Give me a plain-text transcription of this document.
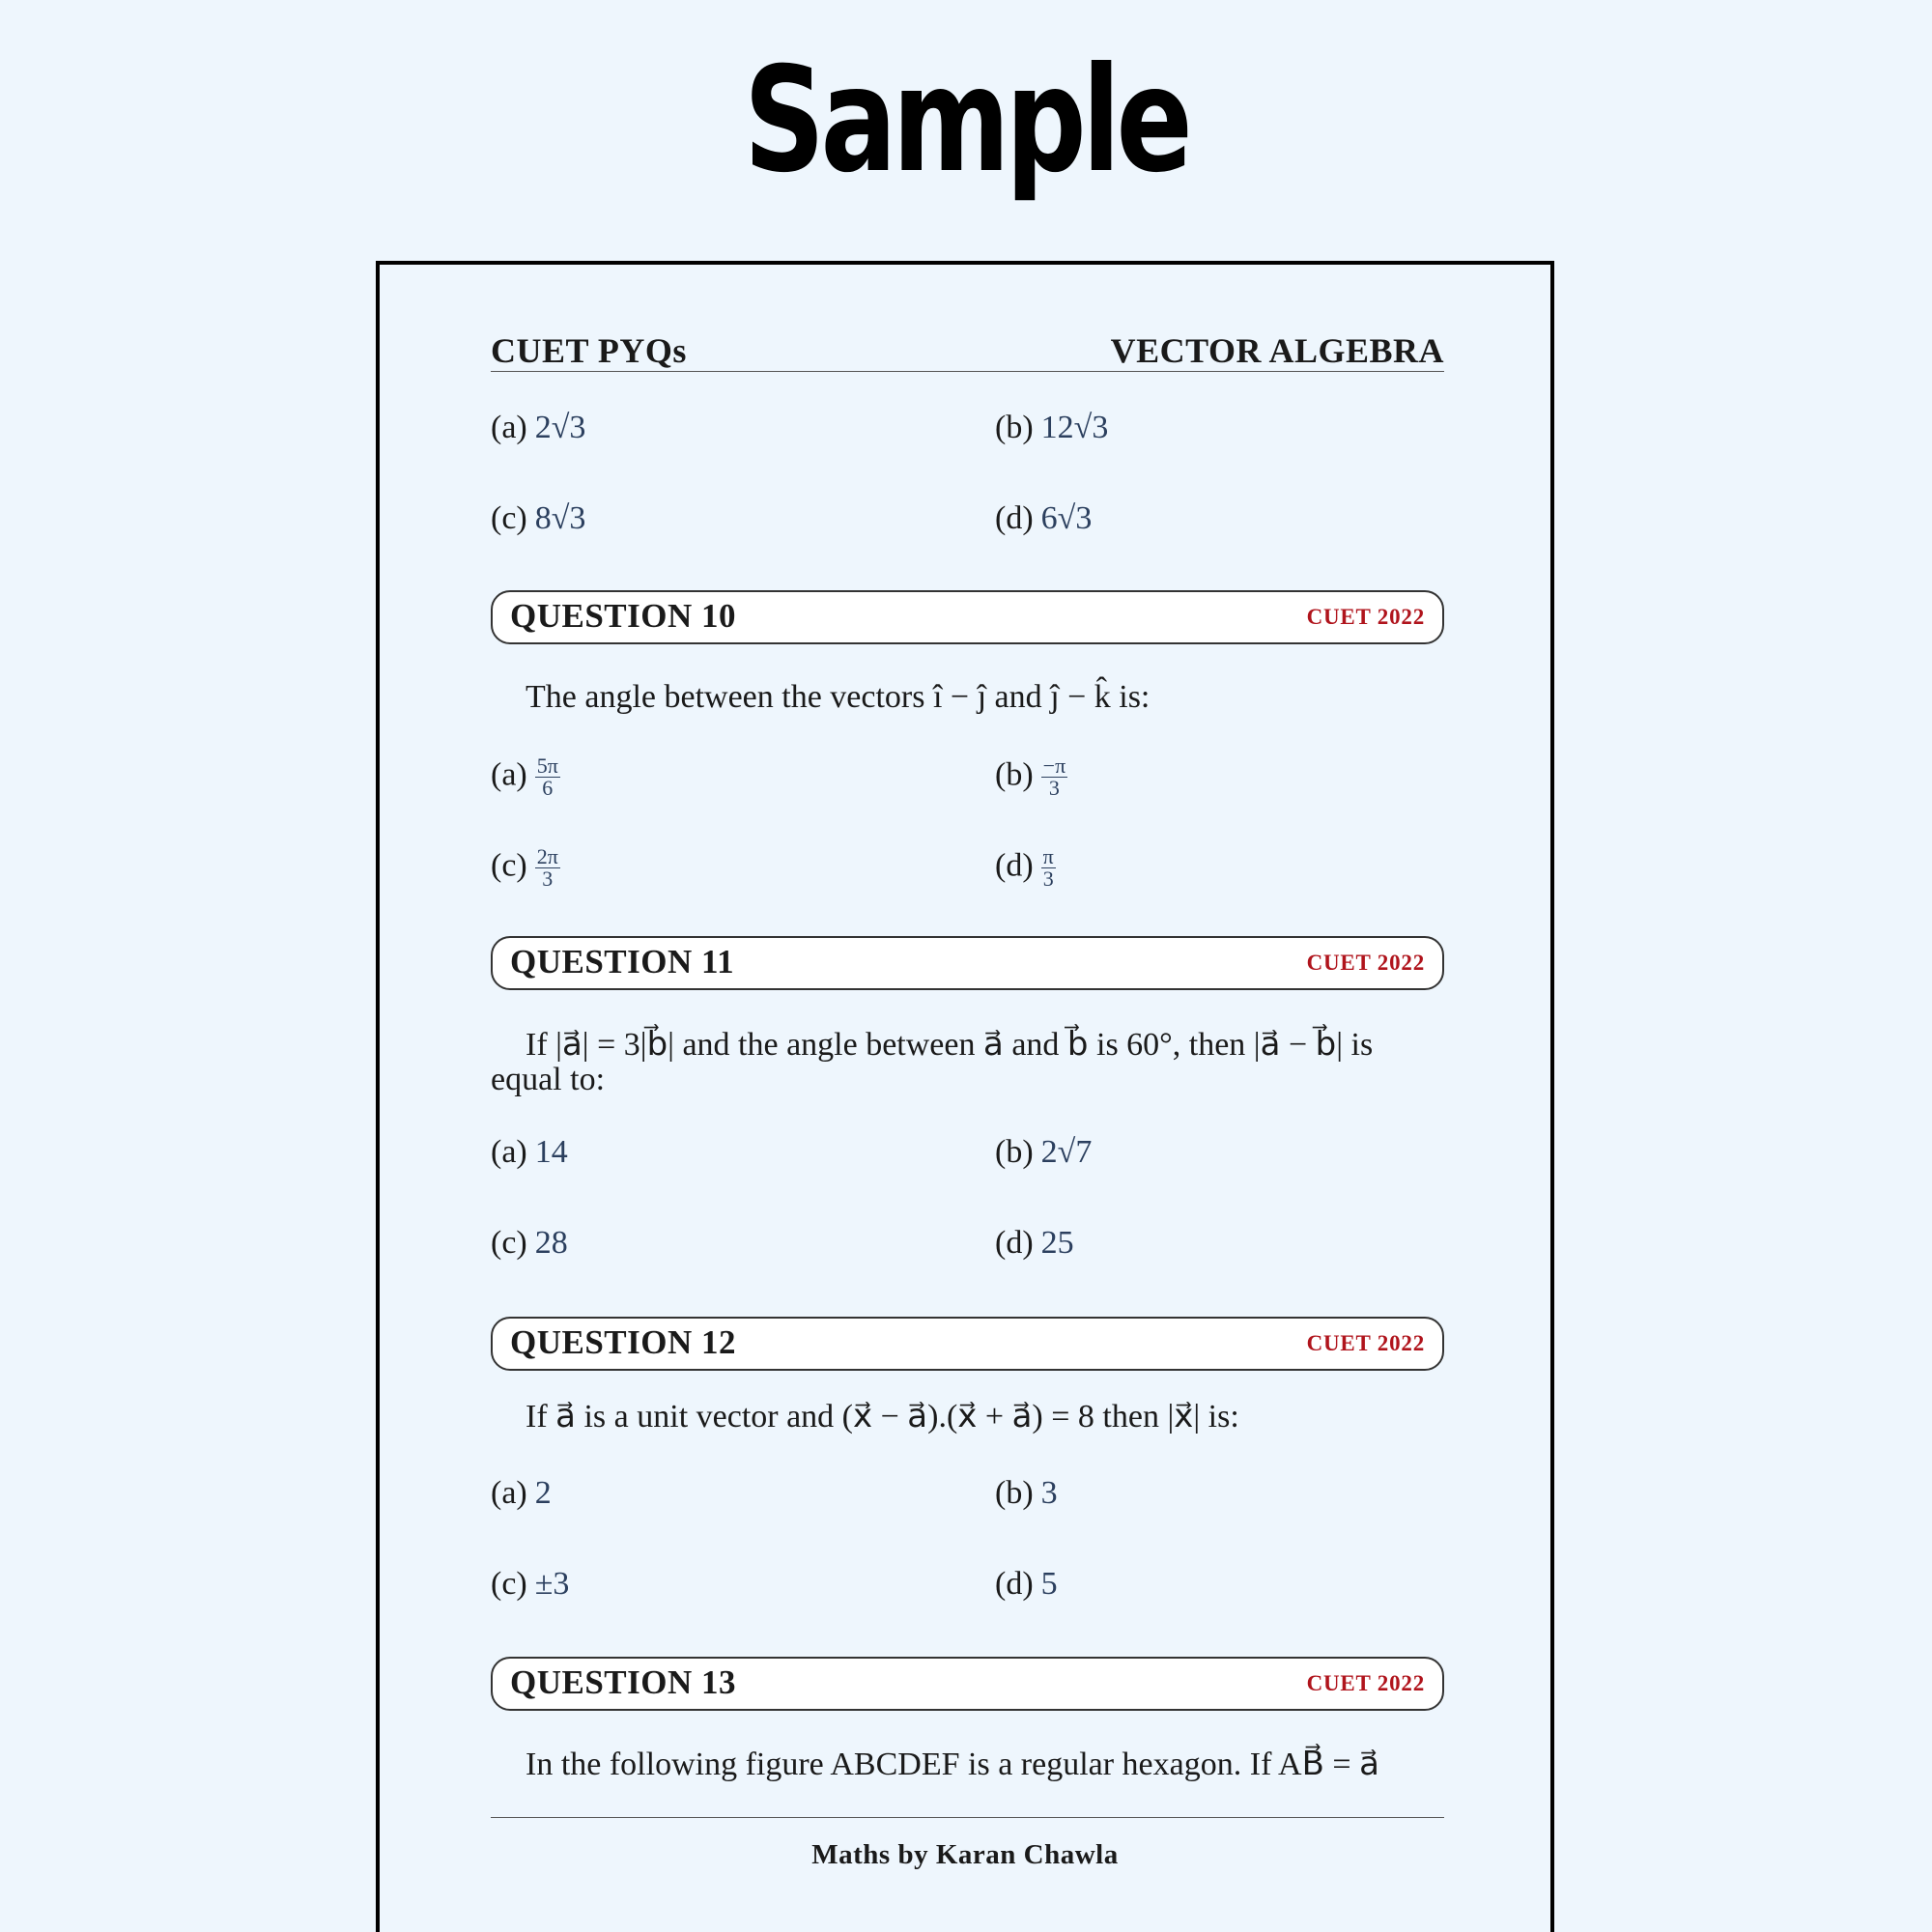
Sample
CUET PYQs	VECTOR ALGEBRA
(a) 2√3	(b) 12√3
(c) 8√3	(d) 6√3
QUESTION 10	CUET 2022
The angle between the vectors î − ĵ and ĵ − k̂ is:
$(a) \frac{5\pi}{6}$	$(b) \frac{-\pi}{3}$
$(c) \frac{2\pi}{3}$	$(d) \frac{\pi}{3}$
QUESTION 11	CUET 2022
If |a⃗| = 3|b⃗| and the angle between a⃗ and b⃗ is 60°, then |a⃗ − b⃗| is
equal to:
(a) 14	(b) 2√7
(c) 28	(d) 25
QUESTION 12	CUET 2022
If a⃗ is a unit vector and (x⃗ − a⃗).(x⃗ + a⃗) = 8 then |x⃗| is:
(a) 2	(b) 3
(c) ±3	(d) 5
QUESTION 13	CUET 2022
In the following figure ABCDEF is a regular hexagon. If AB⃗ = a⃗
Maths by Karan Chawla
